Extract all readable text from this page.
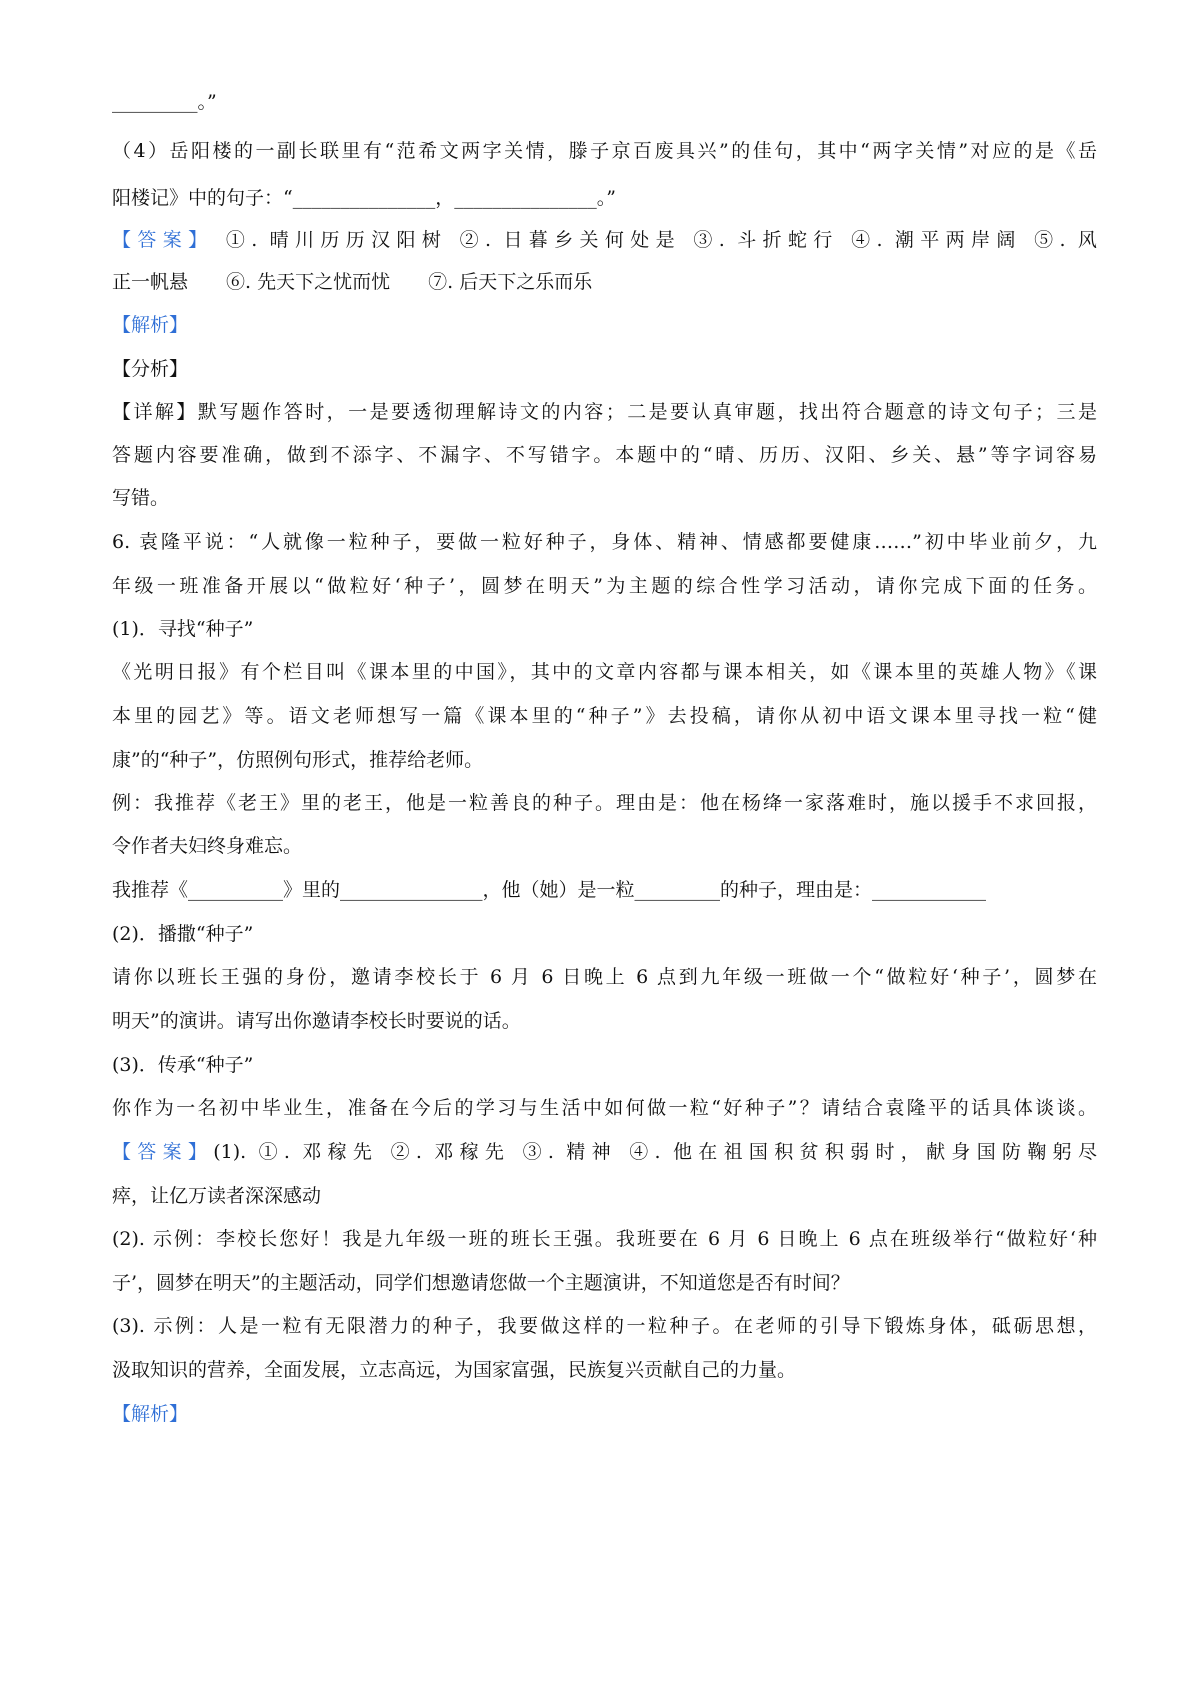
_________。”
（4）岳阳楼的一副长联里有“范希文两字关情，滕子京百废具兴”的佳句，其中“两字关情”对应的是《岳
阳楼记》中的句子：“_______________，_______________。”
【答案】 ①. 晴川历历汉阳树 ②. 日暮乡关何处是 ③. 斗折蛇行 ④. 潮平两岸阔 ⑤. 风
正一帆悬 ⑥. 先天下之忧而忧 ⑦. 后天下之乐而乐
【解析】
【分析】
【详解】默写题作答时，一是要透彻理解诗文的内容；二是要认真审题，找出符合题意的诗文句子；三是
答题内容要准确，做到不添字、不漏字、不写错字。本题中的“晴、历历、汉阳、乡关、悬”等字词容易
写错。
6. 袁隆平说：“人就像一粒种子，要做一粒好种子，身体、精神、情感都要健康……”初中毕业前夕，九
年级一班准备开展以“做粒好‘种子’，圆梦在明天”为主题的综合性学习活动，请你完成下面的任务。
(1)．寻找“种子”
《光明日报》有个栏目叫《课本里的中国》，其中的文章内容都与课本相关，如《课本里的英雄人物》《课
本里的园艺》等。语文老师想写一篇《课本里的“种子”》去投稿，请你从初中语文课本里寻找一粒“健
康”的“种子”，仿照例句形式，推荐给老师。
例：我推荐《老王》里的老王，他是一粒善良的种子。理由是：他在杨绛一家落难时，施以援手不求回报，
令作者夫妇终身难忘。
我推荐《__________》里的_______________，他（她）是一粒_________的种子，理由是：____________
(2)．播撒“种子”
请你以班长王强的身份，邀请李校长于 6 月 6 日晚上 6 点到九年级一班做一个“做粒好‘种子’，圆梦在
明天”的演讲。请写出你邀请李校长时要说的话。
(3)．传承“种子”
你作为一名初中毕业生，准备在今后的学习与生活中如何做一粒“好种子”？请结合袁隆平的话具体谈谈。
【答案】(1). ①. 邓稼先 ②. 邓稼先 ③. 精神 ④. 他在祖国积贫积弱时，献身国防鞠躬尽
瘁，让亿万读者深深感动
(2). 示例：李校长您好！我是九年级一班的班长王强。我班要在 6 月 6 日晚上 6 点在班级举行“做粒好‘种
子’，圆梦在明天”的主题活动，同学们想邀请您做一个主题演讲，不知道您是否有时间？
(3). 示例：人是一粒有无限潜力的种子，我要做这样的一粒种子。在老师的引导下锻炼身体，砥砺思想，
汲取知识的营养，全面发展，立志高远，为国家富强，民族复兴贡献自己的力量。
【解析】
